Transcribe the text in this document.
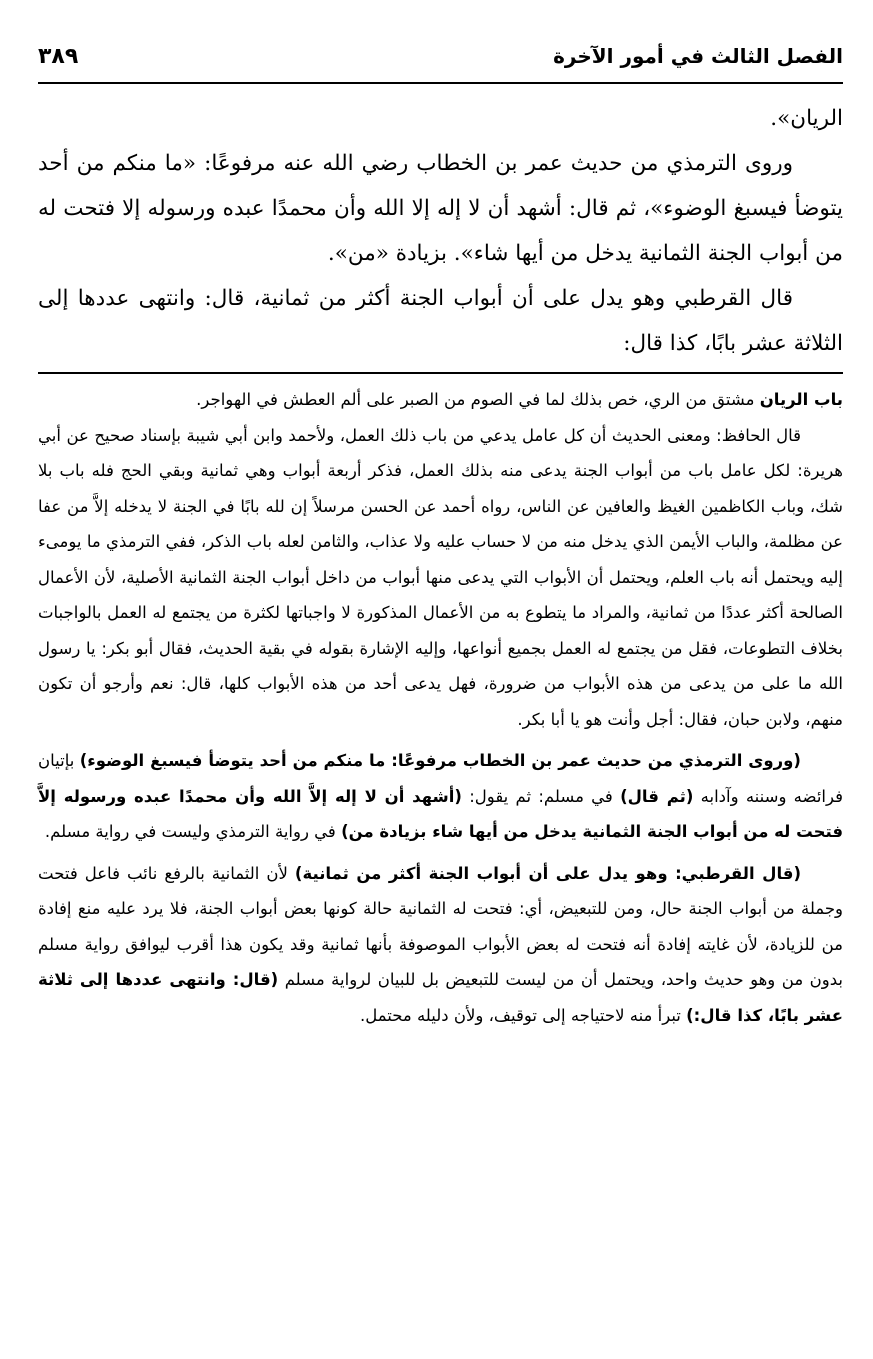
الفصل الثالث في أمور الآخرة
٣٨٩

الريان».

وروى الترمذي من حديث عمر بن الخطاب رضي الله عنه مرفوعًا: «ما منكم من أحد يتوضأ فيسبغ الوضوء»، ثم قال: أشهد أن لا إله إلا الله وأن محمدًا عبده ورسوله إلا فتحت له من أبواب الجنة الثمانية يدخل من أيها شاء». بزيادة «من».

قال القرطبي وهو يدل على أن أبواب الجنة أكثر من ثمانية، قال: وانتهى عددها إلى الثلاثة عشر بابًا، كذا قال:

باب الريان مشتق من الري، خص بذلك لما في الصوم من الصبر على ألم العطش في الهواجر.

قال الحافظ: ومعنى الحديث أن كل عامل يدعي من باب ذلك العمل، ولأحمد وابن أبي شيبة بإسناد صحيح عن أبي هريرة: لكل عامل باب من أبواب الجنة يدعى منه بذلك العمل، فذكر أربعة أبواب وهي ثمانية وبقي الحج فله باب بلا شك، وباب الكاظمين الغيظ والعافين عن الناس، رواه أحمد عن الحسن مرسلاً إن لله بابًا في الجنة لا يدخله إلاَّ من عفا عن مظلمة، والباب الأيمن الذي يدخل منه من لا حساب عليه ولا عذاب، والثامن لعله باب الذكر، ففي الترمذي ما يومىء إليه ويحتمل أنه باب العلم، ويحتمل أن الأبواب التي يدعى منها أبواب من داخل أبواب الجنة الثمانية الأصلية، لأن الأعمال الصالحة أكثر عددًا من ثمانية، والمراد ما يتطوع به من الأعمال المذكورة لا واجباتها لكثرة من يجتمع له العمل بالواجبات بخلاف التطوعات، فقل من يجتمع له العمل بجميع أنواعها، وإليه الإشارة بقوله في بقية الحديث، فقال أبو بكر: يا رسول الله ما على من يدعى من هذه الأبواب من ضرورة، فهل يدعى أحد من هذه الأبواب كلها، قال: نعم وأرجو أن تكون منهم، ولابن حبان، فقال: أجل وأنت هو يا أبا بكر.

(وروى الترمذي من حديث عمر بن الخطاب مرفوعًا: ما منكم من أحد يتوضأ فيسبغ الوضوء) بإتيان فرائضه وسننه وآدابه (ثم قال) في مسلم: ثم يقول: (أشهد أن لا إله إلاَّ الله وأن محمدًا عبده ورسوله إلاَّ فتحت له من أبواب الجنة الثمانية يدخل من أيها شاء بزيادة من) في رواية الترمذي وليست في رواية مسلم.

(قال القرطبي: وهو يدل على أن أبواب الجنة أكثر من ثمانية) لأن الثمانية بالرفع نائب فاعل فتحت وجملة من أبواب الجنة حال، ومن للتبعيض، أي: فتحت له الثمانية حالة كونها بعض أبواب الجنة، فلا يرد عليه منع إفادة من للزيادة، لأن غايته إفادة أنه فتحت له بعض الأبواب الموصوفة بأنها ثمانية وقد يكون هذا أقرب ليوافق رواية مسلم بدون من وهو حديث واحد، ويحتمل أن من ليست للتبعيض بل للبيان لرواية مسلم (قال: وانتهى عددها إلى ثلاثة عشر بابًا، كذا قال:) تبرأ منه لاحتياجه إلى توقيف، ولأن دليله محتمل.
